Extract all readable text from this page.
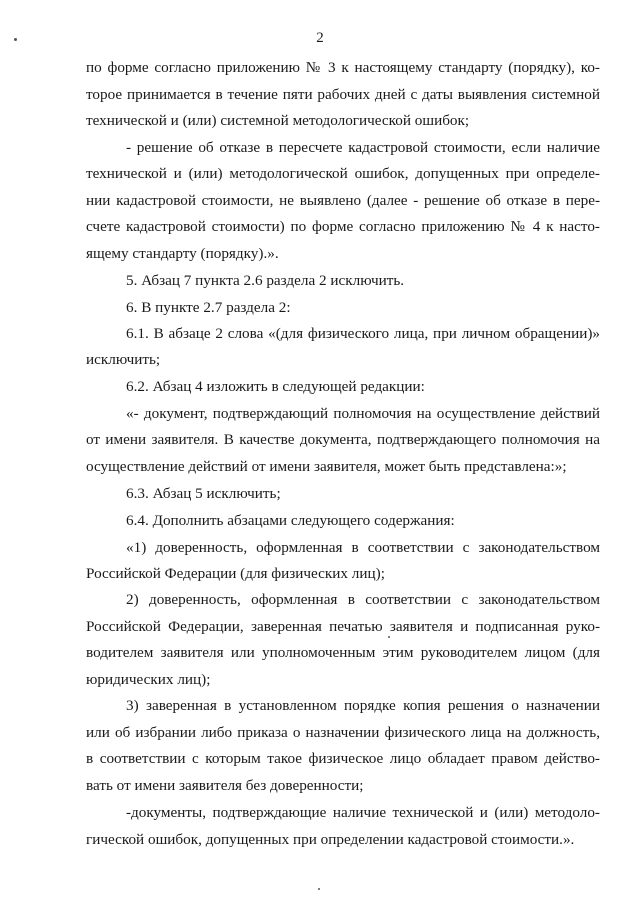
2
по форме согласно приложению № 3 к настоящему стандарту (порядку), ко-
торое принимается в течение пяти рабочих дней с даты выявления системной
технической и (или) системной методологической ошибок;
- решение об отказе в пересчете кадастровой стоимости, если наличие
технической и (или) методологической ошибок, допущенных при определе-
нии кадастровой стоимости, не выявлено (далее - решение об отказе в пере-
счете кадастровой стоимости) по форме согласно приложению № 4 к насто-
ящему стандарту (порядку).».
5. Абзац 7 пункта 2.6 раздела 2 исключить.
6. В пункте 2.7 раздела 2:
6.1. В абзаце 2 слова «(для физического лица, при личном обращении)»
исключить;
6.2. Абзац 4 изложить в следующей редакции:
«- документ, подтверждающий полномочия на осуществление действий
от имени заявителя. В качестве документа, подтверждающего полномочия на
осуществление действий от имени заявителя, может быть представлена:»;
6.3. Абзац 5 исключить;
6.4. Дополнить абзацами следующего содержания:
«1) доверенность, оформленная в соответствии с законодательством
Российской Федерации (для физических лиц);
2) доверенность, оформленная в соответствии с законодательством
Российской Федерации, заверенная печатью заявителя и подписанная руко-
водителем заявителя или уполномоченным этим руководителем лицом (для
юридических лиц);
3) заверенная в установленном порядке копия решения о назначении
или об избрании либо приказа о назначении физического лица на должность,
в соответствии с которым такое физическое лицо обладает правом действо-
вать от имени заявителя без доверенности;
-документы, подтверждающие наличие технической и (или) методоло-
гической ошибок, допущенных при определении кадастровой стоимости.».
